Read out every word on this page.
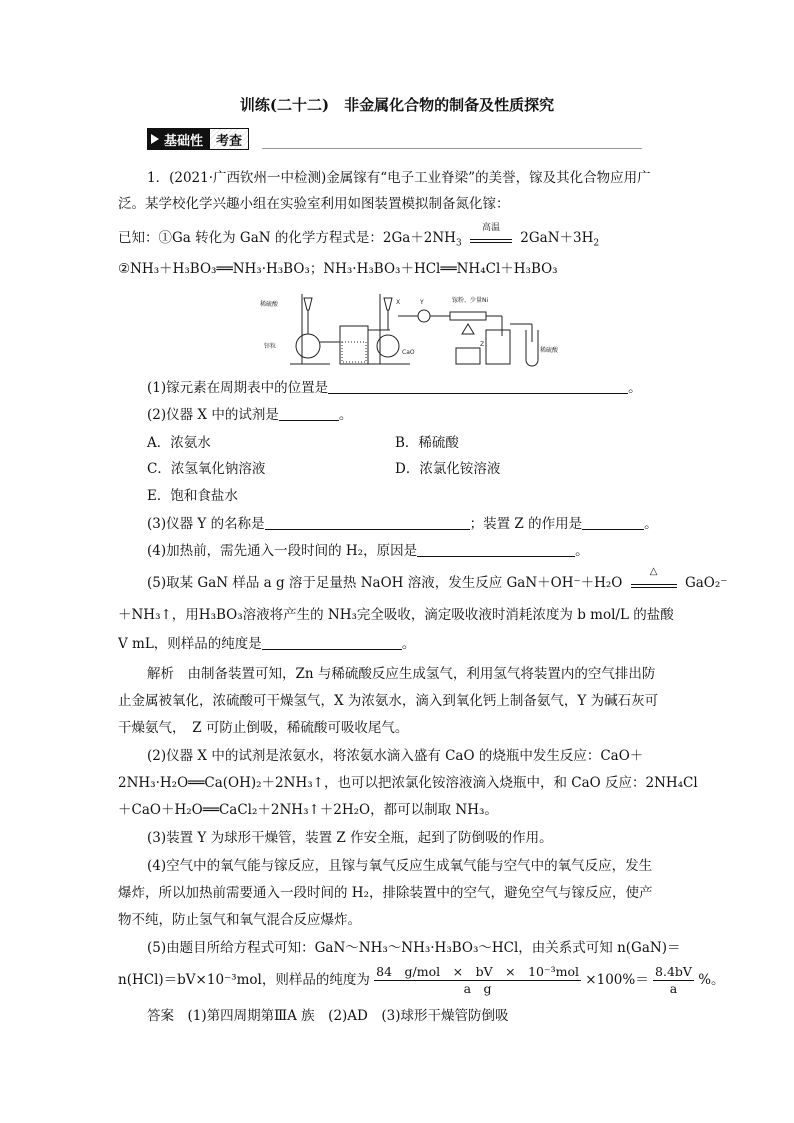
训练(二十二)　非金属化合物的制备及性质探究
基础性	考查
1．(2021·广西钦州一中检测)金属镓有“电子工业脊梁”的美誉，镓及其化合物应用广
泛。某学校化学兴趣小组在实验室利用如图装置模拟制备氮化镓：
已知：①Ga 转化为 GaN 的化学方程式是：$2Ga+2NH_3$
高温
$2GaN+3H_2$
②NH₃＋H₃BO₃══NH₃·H₃BO₃；NH₃·H₃BO₃＋HCl══NH₄Cl＋H₃BO₃
稀硫酸
锌粒
X	Y
CaO
镓粉、少量Ni
Z
稀硫酸
(1)镓元素在周期表中的位置是	。
(2)仪器 X 中的试剂是	。
A．浓氨水	B．稀硫酸
C．浓氢氧化钠溶液	D．浓氯化铵溶液
E．饱和食盐水
(3)仪器 Y 的名称是	；装置 Z 的作用是	。
(4)加热前，需先通入一段时间的 H₂，原因是	。
(5)取某 GaN 样品 a g 溶于足量热 NaOH 溶液，发生反应 GaN＋OH⁻＋H₂O
△
GaO₂⁻
＋NH₃↑，用H₃BO₃溶液将产生的 NH₃完全吸收，滴定吸收液时消耗浓度为 b mol/L 的盐酸
V mL，则样品的纯度是	。
解析　由制备装置可知，Zn 与稀硫酸反应生成氢气，利用氢气将装置内的空气排出防
止金属被氧化，浓硫酸可干燥氢气，X 为浓氨水，滴入到氧化钙上制备氨气，Y 为碱石灰可
干燥氨气，　Z 可防止倒吸，稀硫酸可吸收尾气。
(2)仪器 X 中的试剂是浓氨水，将浓氨水滴入盛有 CaO 的烧瓶中发生反应：CaO＋
2NH₃·H₂O══Ca(OH)₂＋2NH₃↑，也可以把浓氯化铵溶液滴入烧瓶中，和 CaO 反应：2NH₄Cl
＋CaO＋H₂O══CaCl₂＋2NH₃↑＋2H₂O，都可以制取 NH₃。
(3)装置 Y 为球形干燥管，装置 Z 作安全瓶，起到了防倒吸的作用。
(4)空气中的氧气能与镓反应，且镓与氧气反应生成氧气能与空气中的氧气反应，发生
爆炸，所以加热前需要通入一段时间的 H₂，排除装置中的空气，避免空气与镓反应，使产
物不纯，防止氢气和氧气混合反应爆炸。
(5)由题目所给方程式可知：GaN～NH₃～NH₃·H₃BO₃～HCl，由关系式可知 n(GaN)＝
n(HCl)＝bV×10⁻³mol，则样品的纯度为 $\frac{\text{84　g/mol　×　bV　×　10⁻³mol}}{\text{a　g}} \times 100\%= \frac{8.4bV}{a}$ %。
答案　(1)第四周期第ⅢA 族　(2)AD　(3)球形干燥管防倒吸
